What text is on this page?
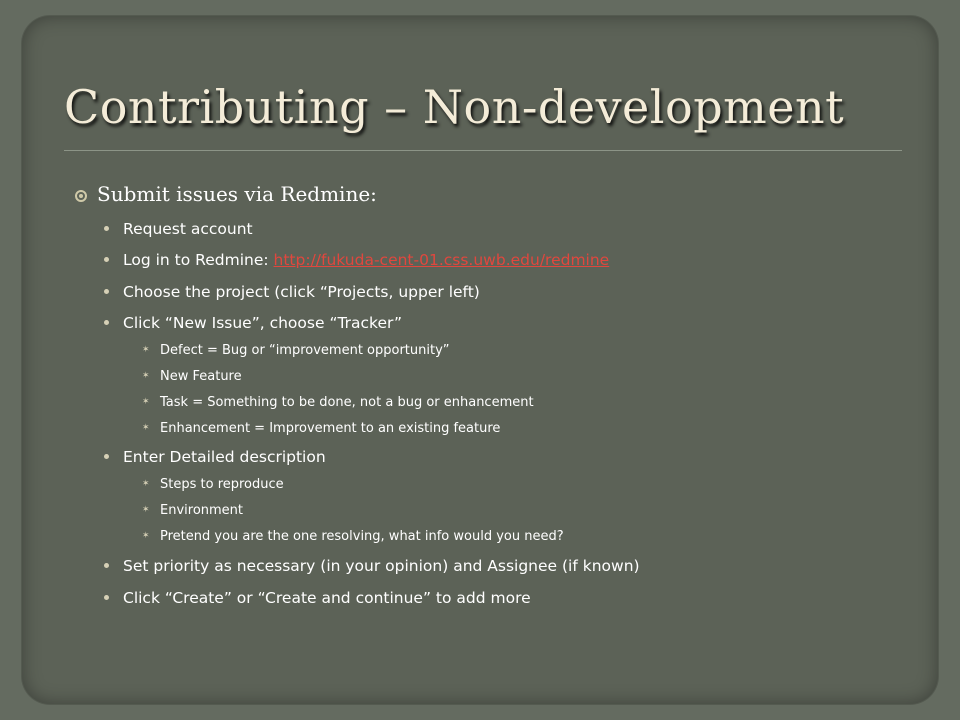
Contributing – Non-development
Submit issues via Redmine:
Request account
Log in to Redmine: http://fukuda-cent-01.css.uwb.edu/redmine
Choose the project (click “Projects, upper left)
Click “New Issue”, choose “Tracker”
✶ Defect = Bug or “improvement opportunity”
✶ New Feature
✶ Task = Something to be done, not a bug or enhancement
✶ Enhancement = Improvement to an existing feature
Enter Detailed description
✶ Steps to reproduce
✶ Environment
✶ Pretend you are the one resolving, what info would you need?
Set priority as necessary (in your opinion) and Assignee (if known)
Click “Create” or “Create and continue” to add more
